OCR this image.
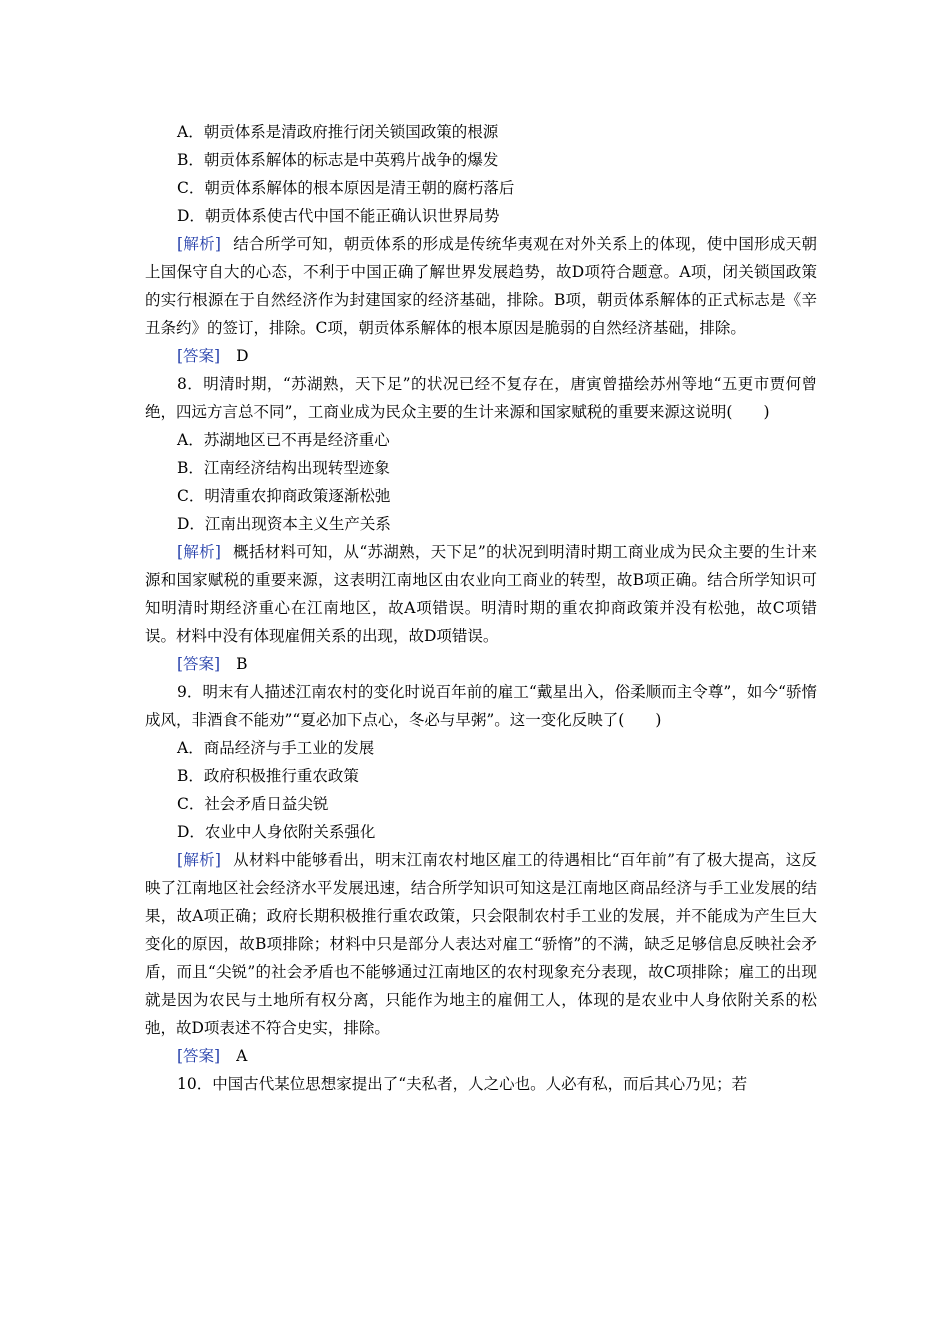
A．朝贡体系是清政府推行闭关锁国政策的根源
B．朝贡体系解体的标志是中英鸦片战争的爆发
C．朝贡体系解体的根本原因是清王朝的腐朽落后
D．朝贡体系使古代中国不能正确认识世界局势

[解析] 结合所学可知，朝贡体系的形成是传统华夷观在对外关系上的体现，使中国形成天朝上国保守自大的心态，不利于中国正确了解世界发展趋势，故D项符合题意。A项，闭关锁国政策的实行根源在于自然经济作为封建国家的经济基础，排除。B项，朝贡体系解体的正式标志是《辛丑条约》的签订，排除。C项，朝贡体系解体的根本原因是脆弱的自然经济基础，排除。

[答案] D

8．明清时期，“苏湖熟，天下足”的状况已经不复存在，唐寅曾描绘苏州等地“五更市贾何曾绝，四远方言总不同”，工商业成为民众主要的生计来源和国家赋税的重要来源这说明(　　)

A．苏湖地区已不再是经济重心
B．江南经济结构出现转型迹象
C．明清重农抑商政策逐渐松弛
D．江南出现资本主义生产关系

[解析] 概括材料可知，从“苏湖熟，天下足”的状况到明清时期工商业成为民众主要的生计来源和国家赋税的重要来源，这表明江南地区由农业向工商业的转型，故B项正确。结合所学知识可知明清时期经济重心在江南地区，故A项错误。明清时期的重农抑商政策并没有松弛，故C项错误。材料中没有体现雇佣关系的出现，故D项错误。

[答案] B

9．明末有人描述江南农村的变化时说百年前的雇工“戴星出入，俗柔顺而主令尊”，如今“骄惰成风，非酒食不能劝”“夏必加下点心，冬必与早粥”。这一变化反映了(　　)

A．商品经济与手工业的发展
B．政府积极推行重农政策
C．社会矛盾日益尖锐
D．农业中人身依附关系强化

[解析] 从材料中能够看出，明末江南农村地区雇工的待遇相比“百年前”有了极大提高，这反映了江南地区社会经济水平发展迅速，结合所学知识可知这是江南地区商品经济与手工业发展的结果，故A项正确；政府长期积极推行重农政策，只会限制农村手工业的发展，并不能成为产生巨大变化的原因，故B项排除；材料中只是部分人表达对雇工“骄惰”的不满，缺乏足够信息反映社会矛盾，而且“尖锐”的社会矛盾也不能够通过江南地区的农村现象充分表现，故C项排除；雇工的出现就是因为农民与土地所有权分离，只能作为地主的雇佣工人，体现的是农业中人身依附关系的松弛，故D项表述不符合史实，排除。

[答案] A

10．中国古代某位思想家提出了“夫私者，人之心也。人必有私，而后其心乃见；若
